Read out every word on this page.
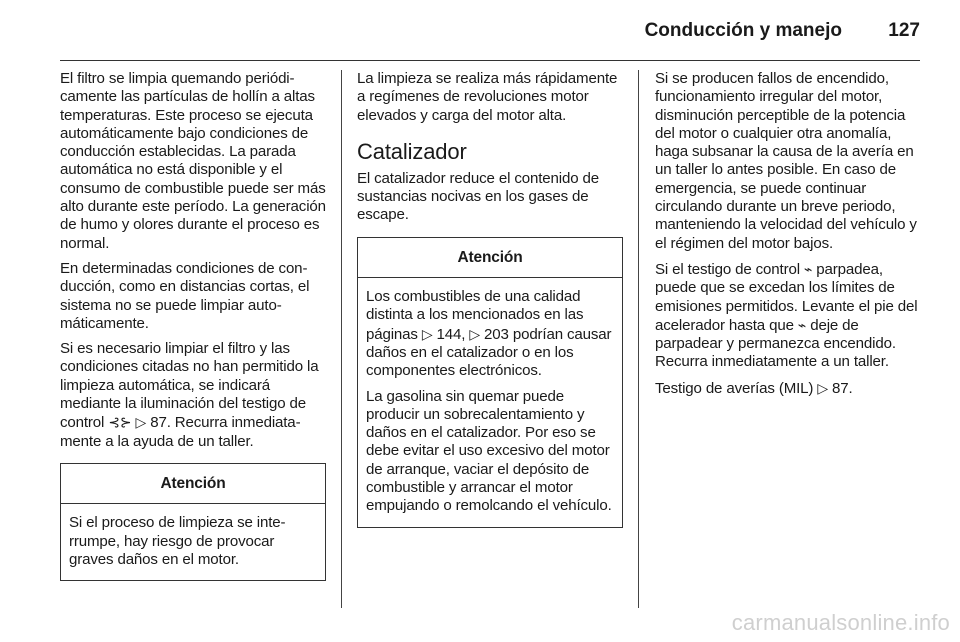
Conducción y manejo 127

El filtro se limpia quemando periódicamente las partículas de hollín a altas temperaturas. Este proceso se ejecuta automáticamente bajo condiciones de conducción establecidas. La parada automática no está disponible y el consumo de combustible puede ser más alto durante este período. La generación de humo y olores durante el proceso es normal.

En determinadas condiciones de conducción, como en distancias cortas, el sistema no se puede limpiar automáticamente.

Si es necesario limpiar el filtro y las condiciones citadas no han permitido la limpieza automática, se indicará mediante la iluminación del testigo de control ⊰⊱ ▷ 87. Recurra inmediatamente a la ayuda de un taller.

Atención

Si el proceso de limpieza se interrumpe, hay riesgo de provocar graves daños en el motor.

La limpieza se realiza más rápidamente a regímenes de revoluciones motor elevados y carga del motor alta.

Catalizador

El catalizador reduce el contenido de sustancias nocivas en los gases de escape.

Atención

Los combustibles de una calidad distinta a los mencionados en las páginas ▷ 144, ▷ 203 podrían causar daños en el catalizador o en los componentes electrónicos.

La gasolina sin quemar puede producir un sobrecalentamiento y daños en el catalizador. Por eso se debe evitar el uso excesivo del motor de arranque, vaciar el depósito de combustible y arrancar el motor empujando o remolcando el vehículo.

Si se producen fallos de encendido, funcionamiento irregular del motor, disminución perceptible de la potencia del motor o cualquier otra anomalía, haga subsanar la causa de la avería en un taller lo antes posible. En caso de emergencia, se puede continuar circulando durante un breve periodo, manteniendo la velocidad del vehículo y el régimen del motor bajos.

Si el testigo de control ⌁ parpadea, puede que se excedan los límites de emisiones permitidos. Levante el pie del acelerador hasta que ⌁ deje de parpadear y permanezca encendido. Recurra inmediatamente a un taller.

Testigo de averías (MIL) ▷ 87.

carmanualsonline.info
